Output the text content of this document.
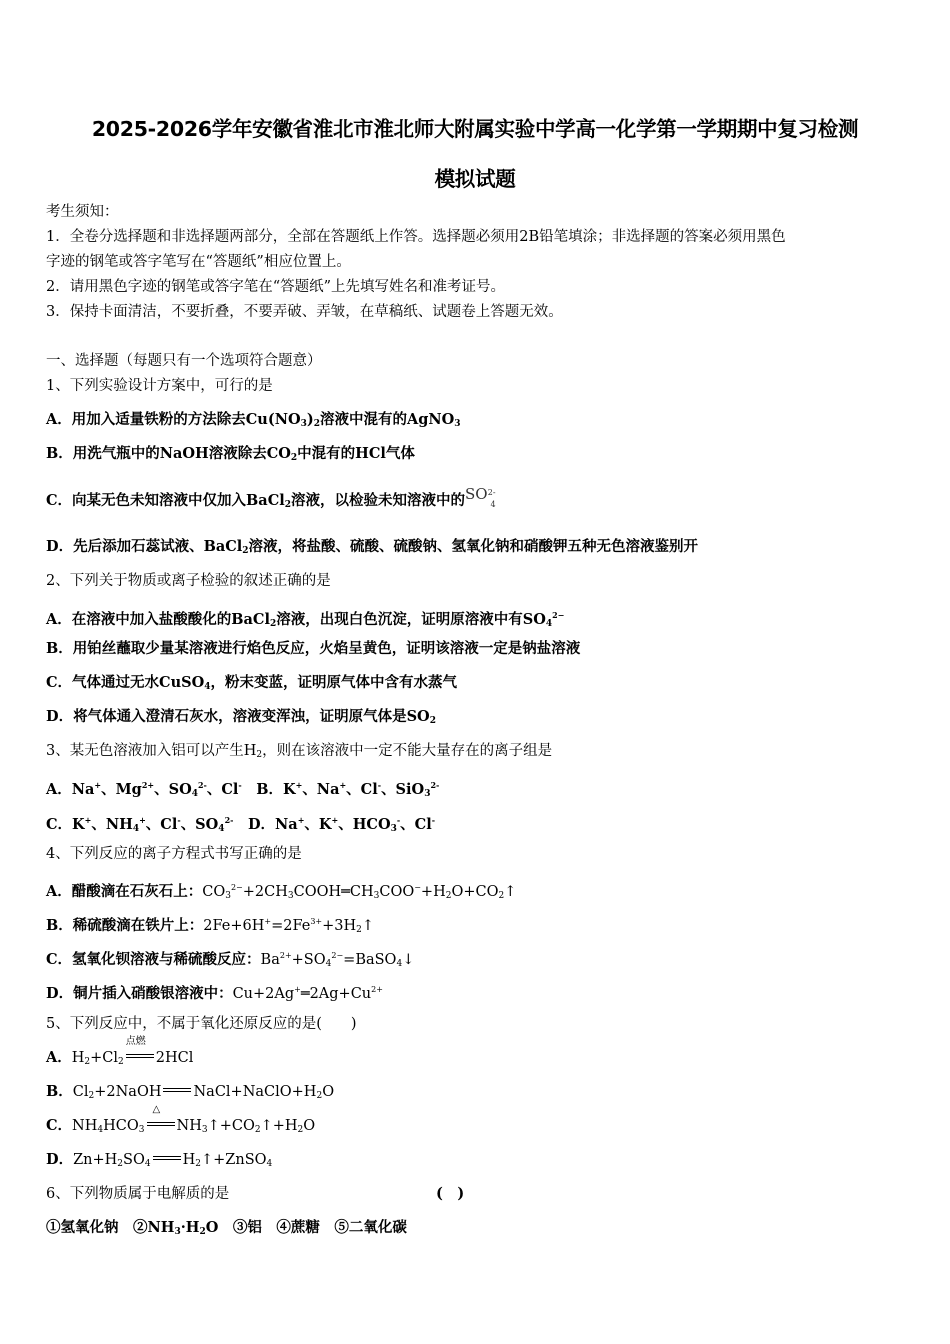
2025-2026学年安徽省淮北市淮北师大附属实验中学高一化学第一学期期中复习检测
模拟试题
考生须知：
1．全卷分选择题和非选择题两部分，全部在答题纸上作答。选择题必须用2B铅笔填涂；非选择题的答案必须用黑色
字迹的钢笔或答字笔写在“答题纸”相应位置上。
2．请用黑色字迹的钢笔或答字笔在“答题纸”上先填写姓名和准考证号。
3．保持卡面清洁，不要折叠，不要弄破、弄皱，在草稿纸、试题卷上答题无效。
一、选择题（每题只有一个选项符合题意）
1、下列实验设计方案中，可行的是
A．用加入适量铁粉的方法除去$Cu(NO_3)_2$溶液中混有的AgNO$_3$
B．用洗气瓶中的NaOH溶液除去$CO_2$中混有的HCl气体
C．向某无色未知溶液中仅加入BaCl$_2$溶液，以检验未知溶液中的SO 2-
4
D．先后添加石蕊试液、BaCl$_2$溶液，将盐酸、硫酸、硫酸钠、氢氧化钠和硝酸钾五种无色溶液鉴别开
2、下列关于物质或离子检验的叙述正确的是
A．在溶液中加入盐酸酸化的BaCl$_2$溶液，出现白色沉淀，证明原溶液中有$SO_4^{2-}$
B．用铂丝蘸取少量某溶液进行焰色反应，火焰呈黄色，证明该溶液一定是钠盐溶液
C．气体通过无水CuSO$_4$，粉末变蓝，证明原气体中含有水蒸气
D．将气体通入澄清石灰水，溶液变浑浊，证明原气体是$SO_2$
3、某无色溶液加入铝可以产生$H_2$，则在该溶液中一定不能大量存在的离子组是
A．Na+、$Mg^{2+}$、$SO_4^{2-}$、Cl-　B．K+、Na+、Cl-、SiO$_3^{2-}$
C．K+、$NH_4^+$、Cl-、$SO_4^{2-}$　D．Na+、K+、$HCO_3^-$、Cl-
4、下列反应的离子方程式书写正确的是
A．醋酸滴在石灰石上：$CO_3^{2-}+2CH_3COOH═CH_3COO^-+H_2O+CO_2↑$
B．稀硫酸滴在铁片上：$2Fe+6H^+=2Fe^{3+}+3H_2↑$
C．氢氧化钡溶液与稀硫酸反应：$Ba^{2+}+SO_4^{2-}=BaSO_4↓$
D．铜片插入硝酸银溶液中：$Cu+2Ag^+═2Ag+Cu^{2+}$
5、下列反应中，不属于氧化还原反应的是(　　)
A．$H_2+Cl_2$
点燃
2HCl
B．$Cl_2+2NaOH$ $NaCl+NaClO+H_2O$
C．$NH_4HCO_3$
△
$NH_3↑+CO_2↑+H_2O$
D．$Zn+H_2SO_4$ $H_2↑+ZnSO_4$
6、下列物质属于电解质的是	(　)
①氢氧化钠　 $②NH_3\cdot H_2O$　 ③铝　 ④蔗糖　 ⑤二氧化碳
